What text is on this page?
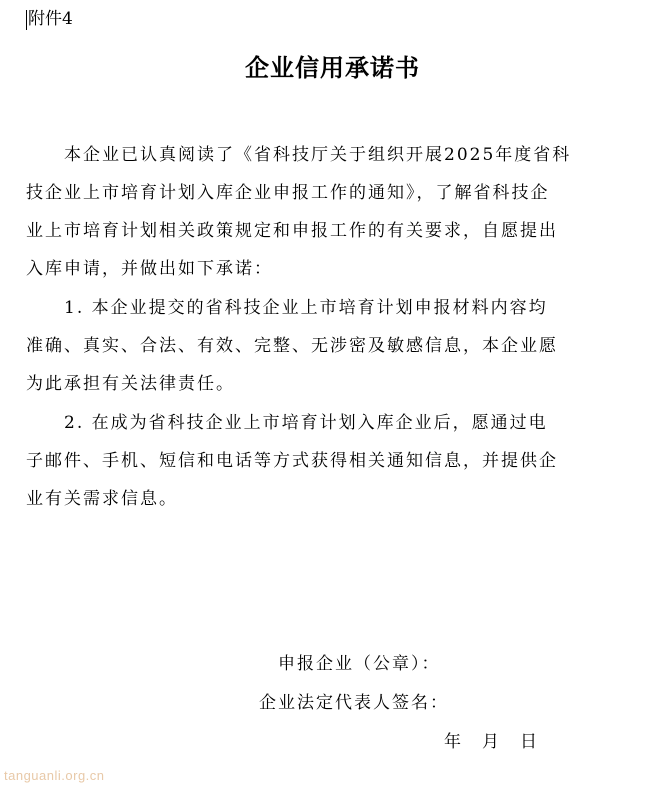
附件4
企业信用承诺书
本企业已认真阅读了《省科技厅关于组织开展2025年度省科
技企业上市培育计划入库企业申报工作的通知》，了解省科技企
业上市培育计划相关政策规定和申报工作的有关要求，自愿提出
入库申请，并做出如下承诺：
1. 本企业提交的省科技企业上市培育计划申报材料内容均
准确、真实、合法、有效、完整、无涉密及敏感信息，本企业愿
为此承担有关法律责任。
2. 在成为省科技企业上市培育计划入库企业后，愿通过电
子邮件、手机、短信和电话等方式获得相关通知信息，并提供企
业有关需求信息。
申报企业（公章）：
企业法定代表人签名：
年　月　日
tanguanli.org.cn
